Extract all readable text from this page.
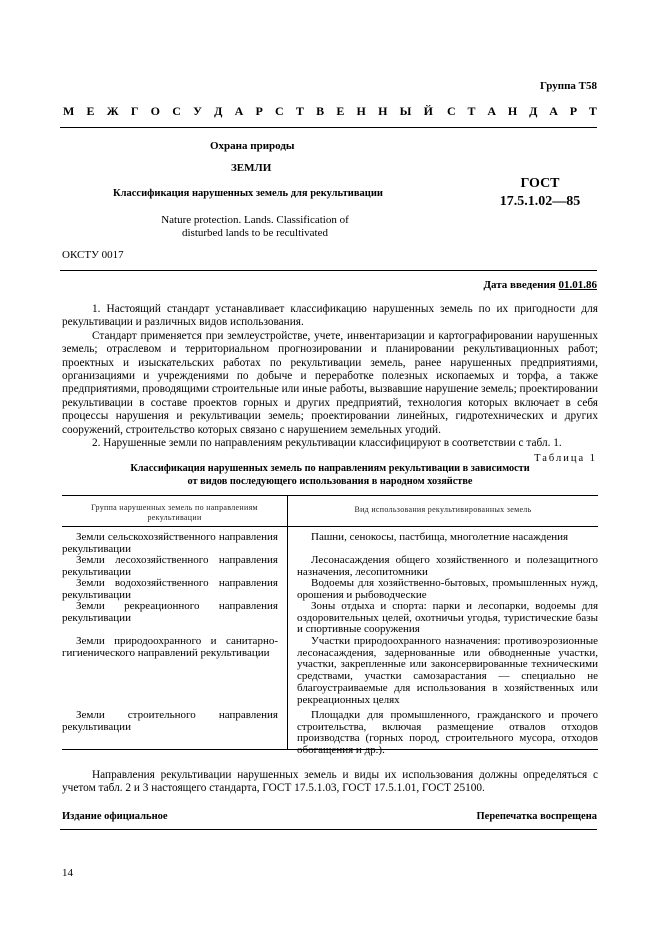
Группа Т58
М Е Ж Г О С У Д А Р С Т В Е Н Н Ы Й С Т А Н Д А Р Т
Охрана природы
ЗЕМЛИ
Классификация нарушенных земель для рекультивации
ГОСТ
17.5.1.02—85
Nature protection. Lands. Classification of
disturbed lands to be recultivated
ОКСТУ 0017
Дата введения 01.01.86

1. Настоящий стандарт устанавливает классификацию нарушенных земель по их пригодности для рекультивации и различных видов использования.

Стандарт применяется при землеустройстве, учете, инвентаризации и картографировании нарушенных земель; отраслевом и территориальном прогнозировании и планировании рекультивационных работ; проектных и изыскательских работах по рекультивации земель, ранее нарушенных предприятиями, организациями и учреждениями по добыче и переработке полезных ископаемых и торфа, а также предприятиями, проводящими строительные или иные работы, вызвавшие нарушение земель; проектировании рекультивации в составе проектов горных и других предприятий, технология которых включает в себя процессы нарушения и рекультивации земель; проектировании линейных, гидротехнических и других сооружений, строительство которых связано с нарушением земельных угодий.

2. Нарушенные земли по направлениям рекультивации классифицируют в соответствии с табл. 1.

Таблица 1
Классификация нарушенных земель по направлениям рекультивации в зависимости
от видов последующего использования в народном хозяйстве
Группа нарушенных земель по направлениям
рекультивации
Вид использования рекультивированных земель
Земли сельскохозяйственного направления рекультивации
Пашни, сенокосы, пастбища, многолетние насаждения
Земли лесохозяйственного направления рекультивации
Лесонасаждения общего хозяйственного и полезащитного назначения, лесопитомники
Земли водохозяйственного направления рекультивации
Водоемы для хозяйственно-бытовых, промышленных нужд, орошения и рыбоводческие
Земли рекреационного направления рекультивации
Зоны отдыха и спорта: парки и лесопарки, водоемы для оздоровительных целей, охотничьи угодья, туристические базы и спортивные сооружения
Земли природоохранного и санитарно-гигиенического направлений рекультивации
Участки природоохранного назначения: противоэрозионные лесонасаждения, задернованные или обводненные участки, участки, закрепленные или законсервированные техническими средствами, участки самозарастания — специально не благоустраиваемые для использования в хозяйственных или рекреационных целях
Земли строительного направления рекультивации
Площадки для промышленного, гражданского и прочего строительства, включая размещение отвалов отходов производства (горных пород, строительного мусора, отходов обогащения и др.).

Направления рекультивации нарушенных земель и виды их использования должны определяться с учетом табл. 2 и 3 настоящего стандарта, ГОСТ 17.5.1.03, ГОСТ 17.5.1.01, ГОСТ 25100.

Издание официальное	Перепечатка воспрещена
14
